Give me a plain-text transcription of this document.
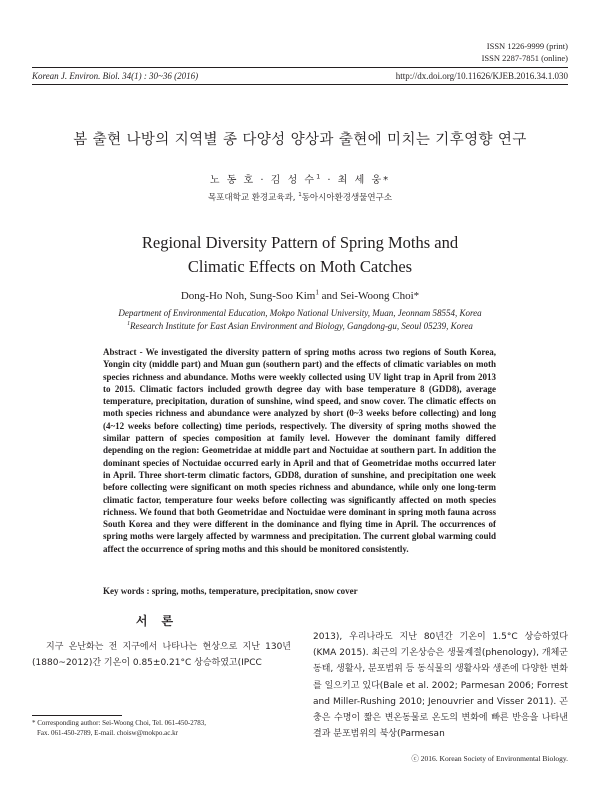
ISSN 1226-9999 (print)
ISSN 2287-7851 (online)
Korean J. Environ. Biol. 34(1) : 30~36 (2016)	http://dx.doi.org/10.11626/KJEB.2016.34.1.030
봄 출현 나방의 지역별 종 다양성 양상과 출현에 미치는 기후영향 연구
노 동 호 · 김 성 수$^1$ · 최 세 웅*
목포대학교 환경교육과, $^1$동아시아환경생물연구소
Regional Diversity Pattern of Spring Moths and
Climatic Effects on Moth Catches
Dong-Ho Noh, Sung-Soo Kim$^1$ and Sei-Woong Choi*
Department of Environmental Education, Mokpo National University, Muan, Jeonnam 58554, Korea
$^1$Research Institute for East Asian Environment and Biology, Gangdong-gu, Seoul 05239, Korea
Abstract - We investigated the diversity pattern of spring moths across two regions of South Korea, Yongin city (middle part) and Muan gun (southern part) and the effects of climatic variables on moth species richness and abundance. Moths were weekly collected using UV light trap in April from 2013 to 2015. Climatic factors included growth degree day with base temperature 8 (GDD8), average temperature, precipitation, duration of sunshine, wind speed, and snow cover. The climatic effects on moth species richness and abundance were analyzed by short (0~3 weeks before collecting) and long (4~12 weeks before collecting) time periods, respectively. The diversity of spring moths showed the similar pattern of species composition at family level. However the dominant family differed depending on the region: Geometridae at middle part and Noctuidae at southern part. In addition the dominant species of Noctuidae occurred early in April and that of Geometridae moths occurred later in April. Three short-term climatic factors, GDD8, duration of sunshine, and precipitation one week before collecting were significant on moth species richness and abundance, while only one long-term climatic factor, temperature four weeks before collecting was significantly affected on moth species richness. We found that both Geometridae and Noctuidae were dominant in spring moth fauna across South Korea and they were different in the dominance and flying time in April. The occurrences of spring moths were largely affected by warmness and precipitation. The current global warming could affect the occurrence of spring moths and this should be monitored consistently.
Key words : spring, moths, temperature, precipitation, snow cover
서론

지구 온난화는 전 지구에서 나타나는 현상으로 지난 130년(1880~2012)간 기온이 0.85±0.21°C 상승하였고(IPCC

2013), 우리나라도 지난 80년간 기온이 1.5°C 상승하였다 (KMA 2015). 최근의 기온상승은 생물계절(phenology), 개체군 동태, 생활사, 분포범위 등 동식물의 생활사와 생존에 다양한 변화를 일으키고 있다(Bale et al. 2002; Parmesan 2006; Forrest and Miller-Rushing 2010; Jenouvrier and Visser 2011). 곤충은 수명이 짧은 변온동물로 온도의 변화에 빠른 반응을 나타낸 결과 분포범위의 북상(Parmesan

* Corresponding author: Sei-Woong Choi, Tel. 061-450-2783,
Fax. 061-450-2789, E-mail. choisw@mokpo.ac.kr
ⓒ 2016. Korean Society of Environmental Biology.
